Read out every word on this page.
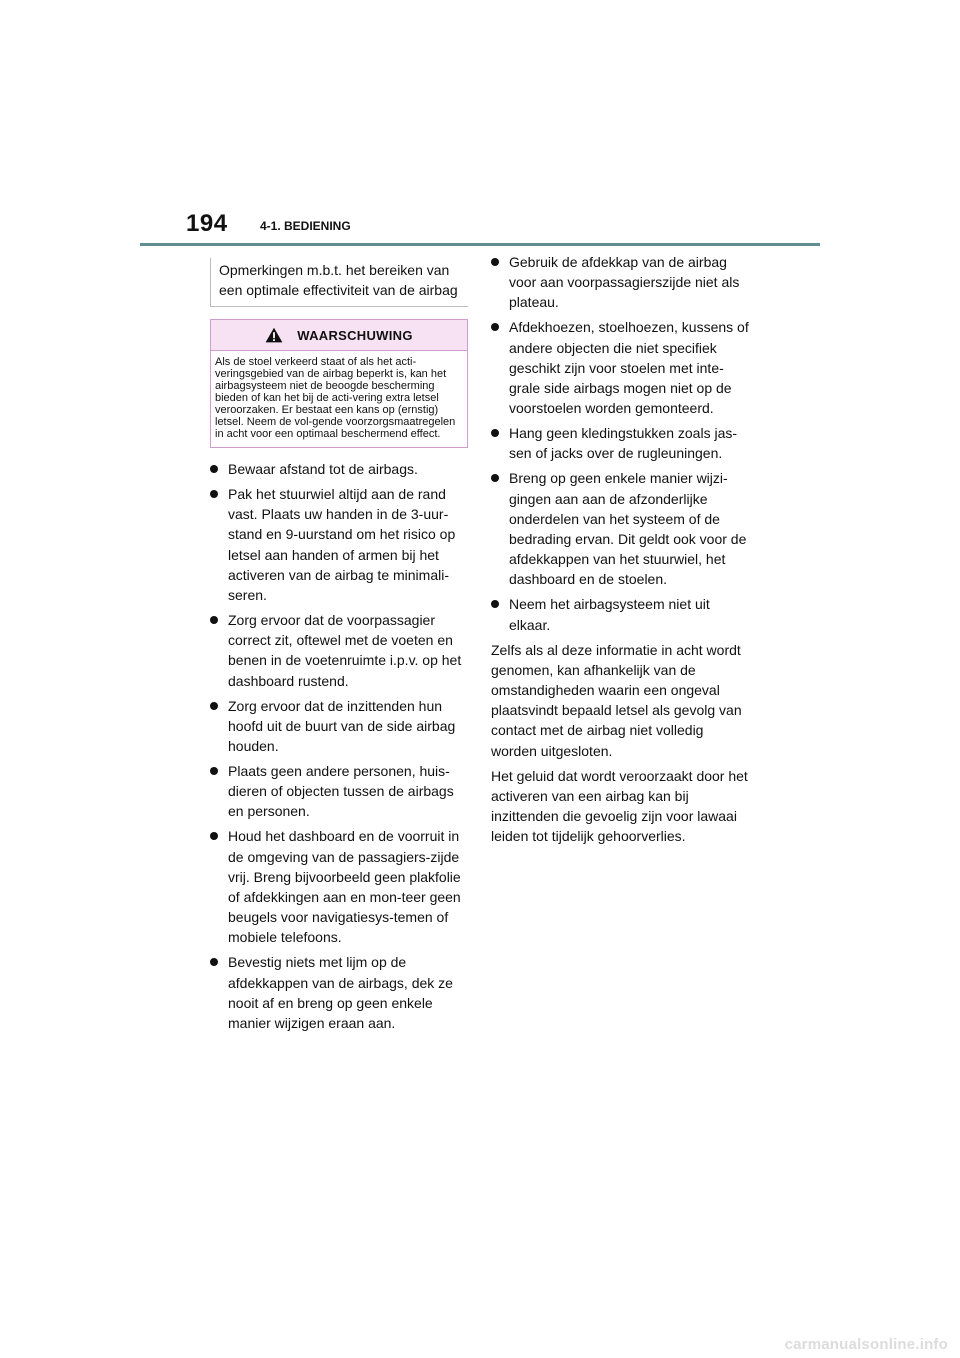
194	4-1. BEDIENING
Opmerkingen m.b.t. het bereiken van een optimale effectiviteit van de airbag
WAARSCHUWING
Als de stoel verkeerd staat of als het acti-veringsgebied van de airbag beperkt is, kan het airbagsysteem niet de beoogde bescherming bieden of kan het bij de acti-vering extra letsel veroorzaken. Er bestaat een kans op (ernstig) letsel. Neem de vol-gende voorzorgsmaatregelen in acht voor een optimaal beschermend effect.
Bewaar afstand tot de airbags.
Pak het stuurwiel altijd aan de rand vast. Plaats uw handen in de 3-uur-stand en 9-uurstand om het risico op letsel aan handen of armen bij het activeren van de airbag te minimali-seren.
Zorg ervoor dat de voorpassagier correct zit, oftewel met de voeten en benen in de voetenruimte i.p.v. op het dashboard rustend.
Zorg ervoor dat de inzittenden hun hoofd uit de buurt van de side airbag houden.
Plaats geen andere personen, huis-dieren of objecten tussen de airbags en personen.
Houd het dashboard en de voorruit in de omgeving van de passagiers-zijde vrij. Breng bijvoorbeeld geen plakfolie of afdekkingen aan en mon-teer geen beugels voor navigatiesys-temen of mobiele telefoons.
Bevestig niets met lijm op de afdekkappen van de airbags, dek ze nooit af en breng op geen enkele manier wijzigen eraan aan.
Gebruik de afdekkap van de airbag voor aan voorpassagierszijde niet als plateau.
Afdekhoezen, stoelhoezen, kussens of andere objecten die niet specifiek geschikt zijn voor stoelen met inte-grale side airbags mogen niet op de voorstoelen worden gemonteerd.
Hang geen kledingstukken zoals jas-sen of jacks over de rugleuningen.
Breng op geen enkele manier wijzi-gingen aan aan de afzonderlijke onderdelen van het systeem of de bedrading ervan. Dit geldt ook voor de afdekkappen van het stuurwiel, het dashboard en de stoelen.
Neem het airbagsysteem niet uit elkaar.

Zelfs als al deze informatie in acht wordt genomen, kan afhankelijk van de omstandigheden waarin een ongeval plaatsvindt bepaald letsel als gevolg van contact met de airbag niet volledig worden uitgesloten.

Het geluid dat wordt veroorzaakt door het activeren van een airbag kan bij inzittenden die gevoelig zijn voor lawaai leiden tot tijdelijk gehoorverlies.

carmanualsonline.info
